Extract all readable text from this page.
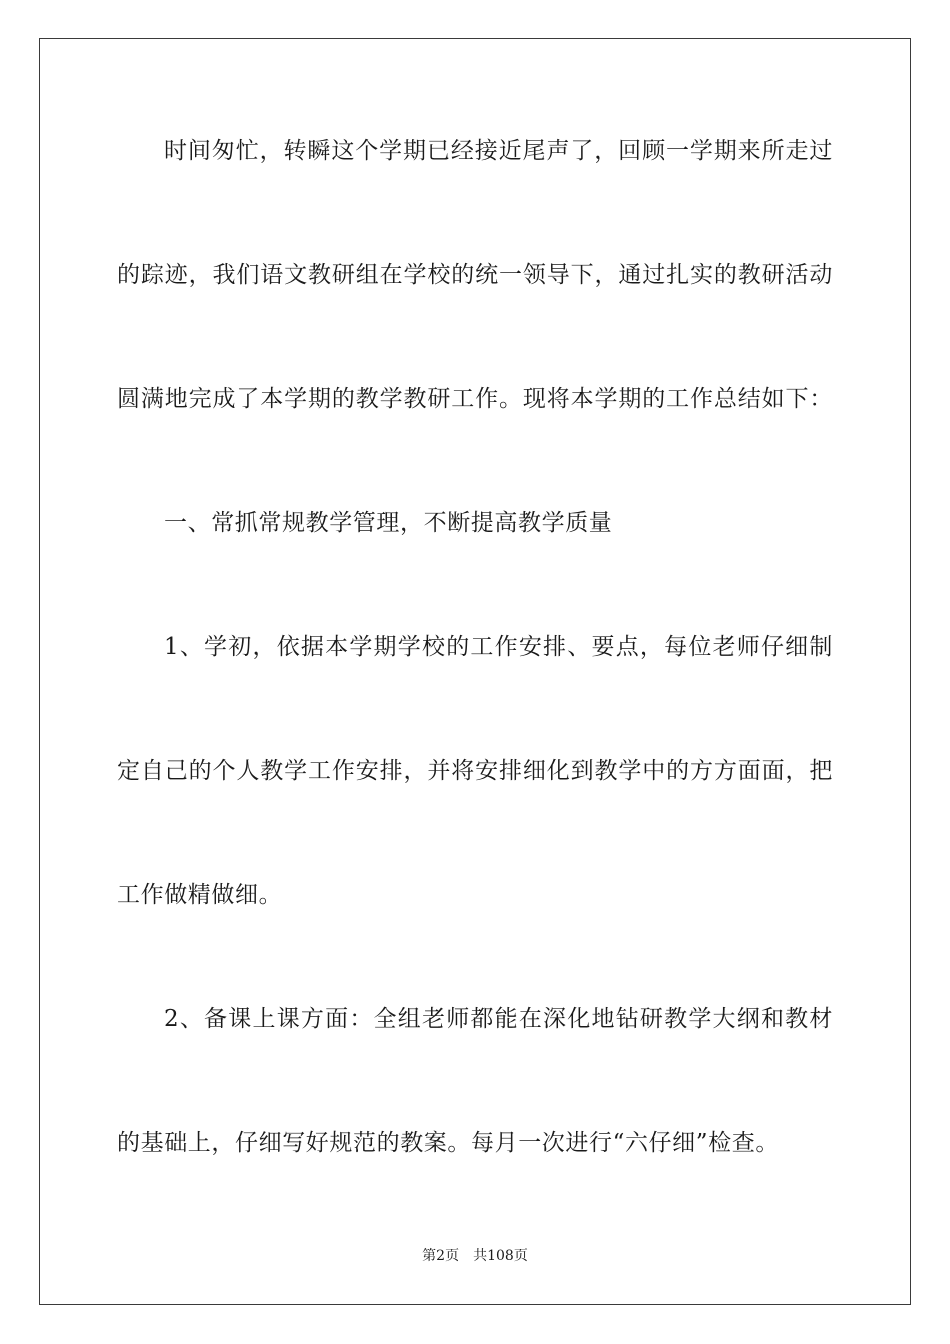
时间匆忙，转瞬这个学期已经接近尾声了，回顾一学期来所走过
的踪迹，我们语文教研组在学校的统一领导下，通过扎实的教研活动
圆满地完成了本学期的教学教研工作。现将本学期的工作总结如下：
一、常抓常规教学管理，不断提高教学质量
1、学初，依据本学期学校的工作安排、要点，每位老师仔细制
定自己的个人教学工作安排，并将安排细化到教学中的方方面面，把
工作做精做细。
2、备课上课方面：全组老师都能在深化地钻研教学大纲和教材
的基础上，仔细写好规范的教案。每月一次进行“六仔细”检查。
第2页 共108页
